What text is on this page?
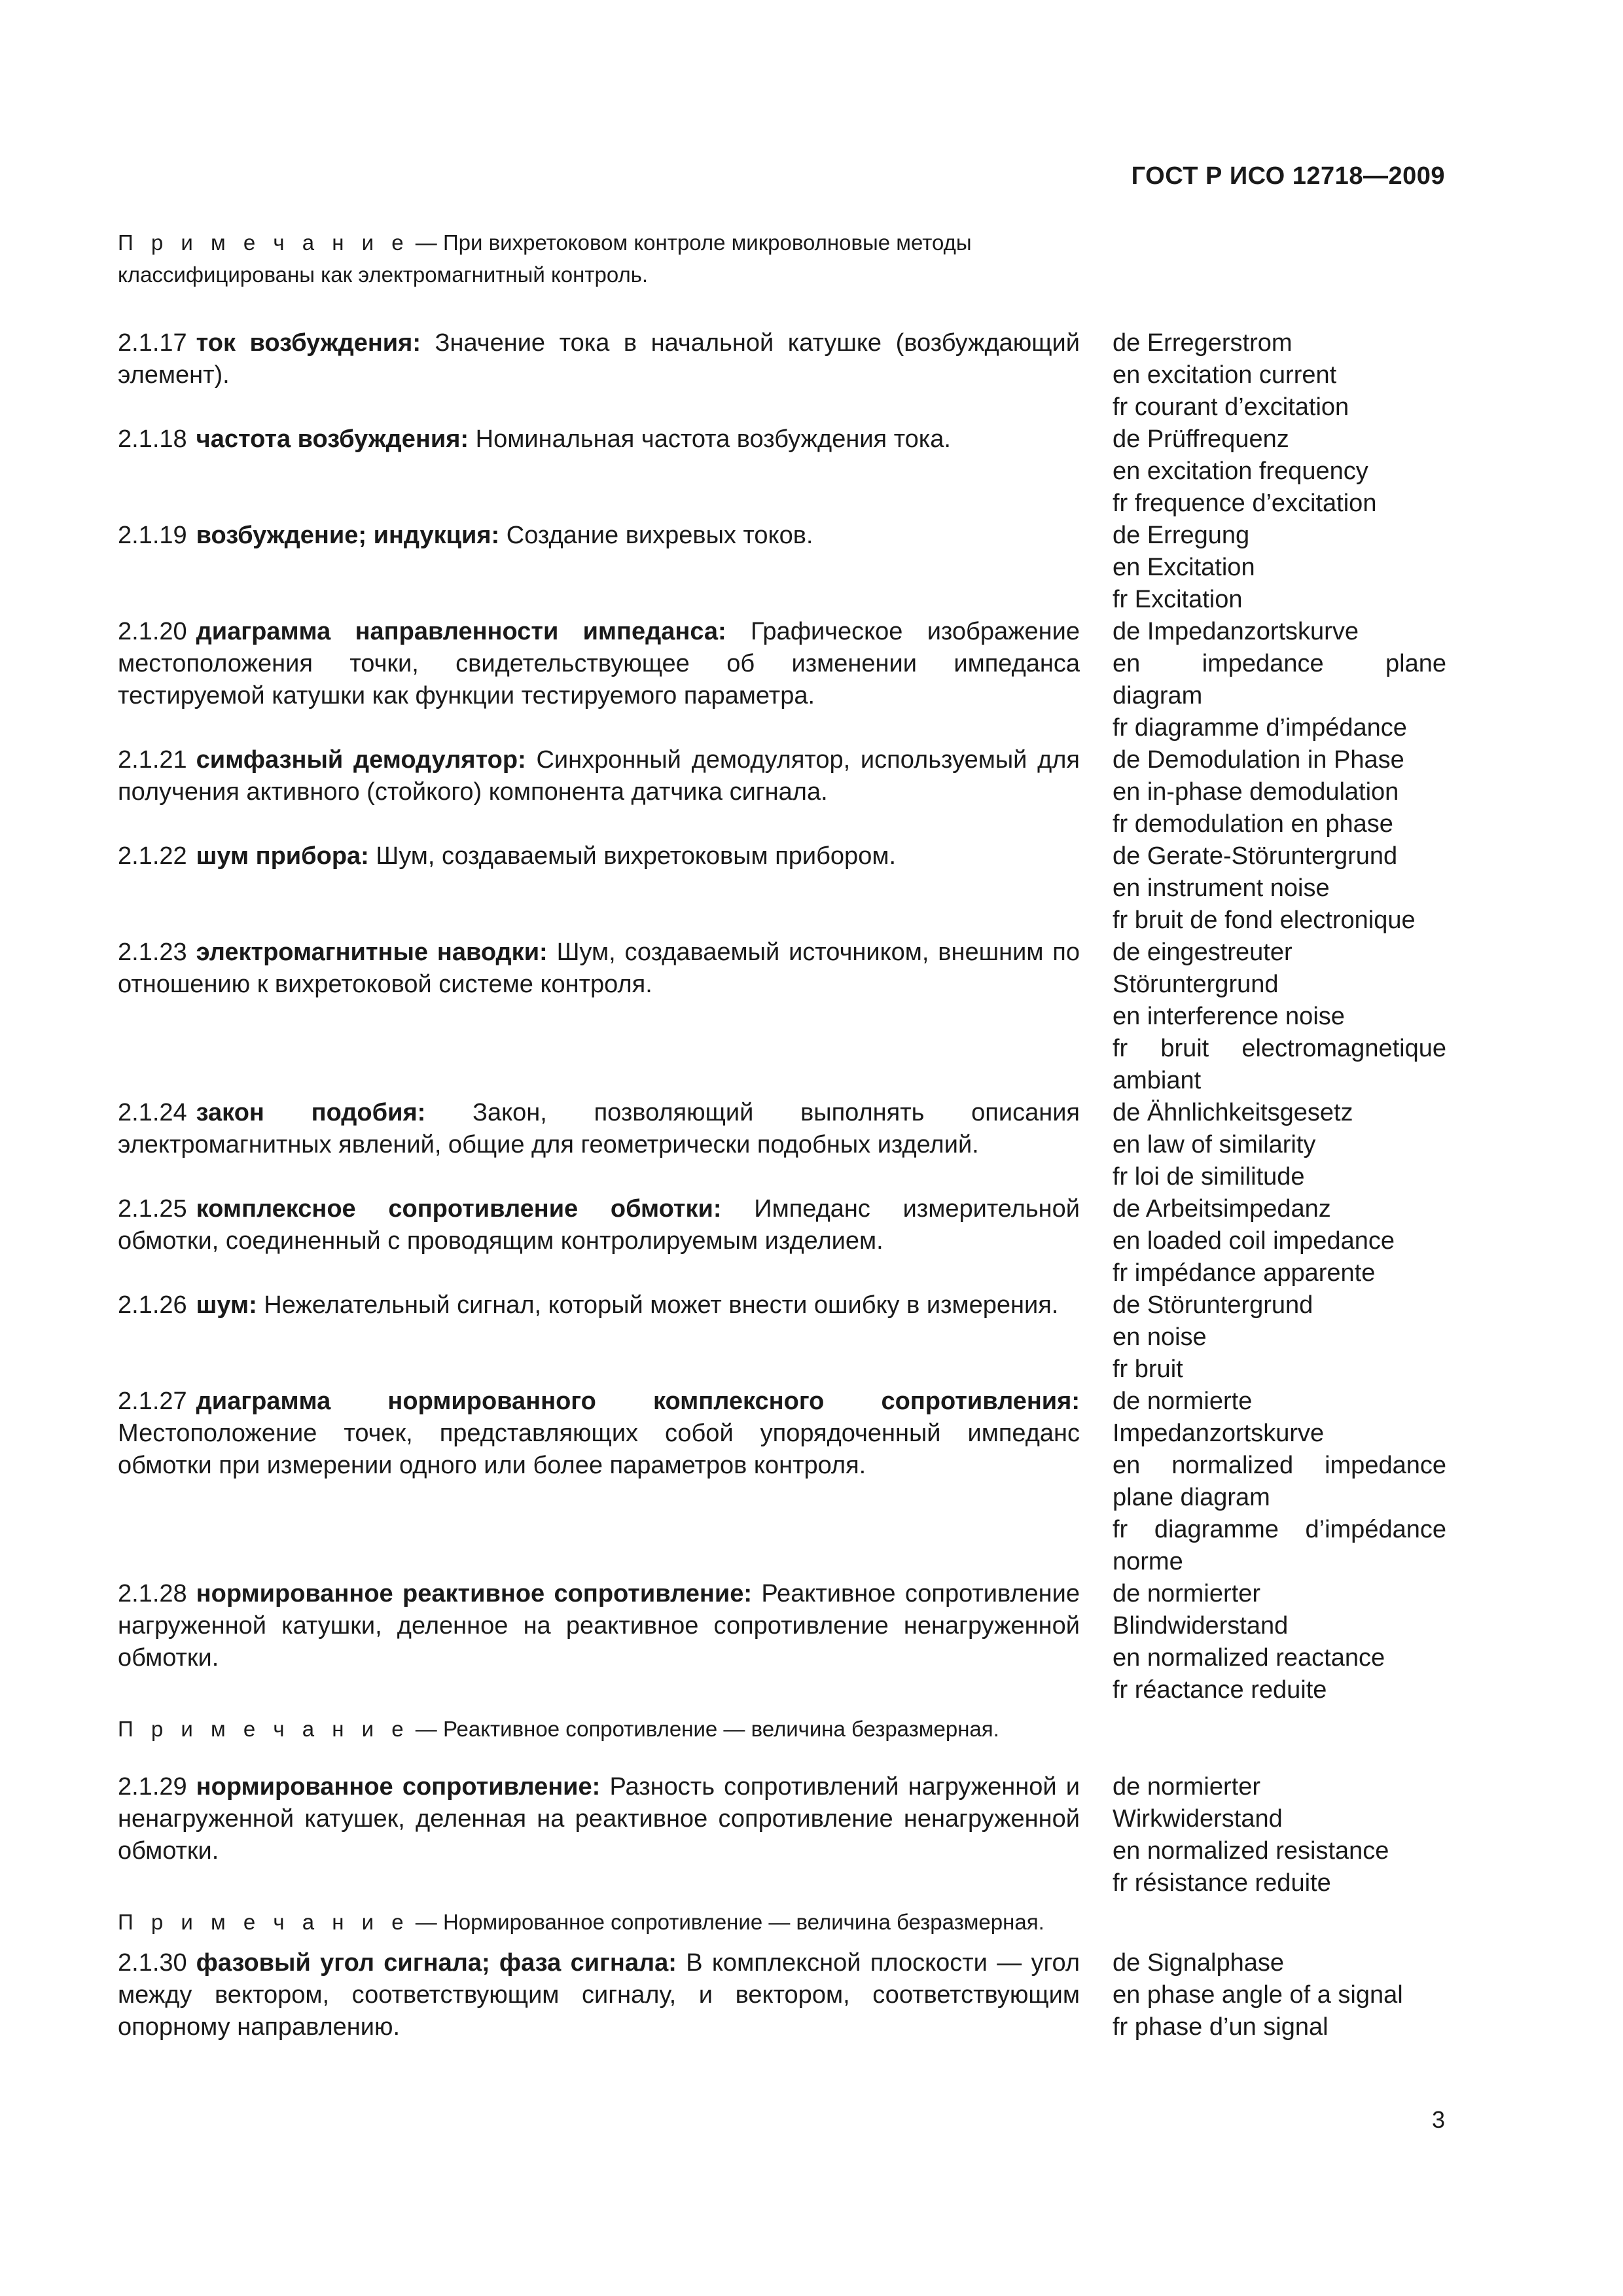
ГОСТ Р ИСО 12718—2009
П р и м е ч а н и е — При вихретоковом контроле микроволновые методы классифицированы как электромагнитный контроль.
2.1.17 ток возбуждения: Значение тока в начальной катушке (возбуждающий элемент).
de Erregerstrom
en excitation current
fr courant d’excitation
2.1.18 частота возбуждения: Номинальная частота возбуждения тока.	de Prüffrequenz
en excitation frequency
fr frequence d’excitation
2.1.19 возбуждение; индукция: Создание вихревых токов.	de Erregung
en Excitation
fr Excitation
2.1.20 диаграмма направленности импеданса: Графическое изображение местоположения точки, свидетельствующее об изменении импеданса тестируемой катушки как функции тестируемого параметра.
de Impedanzortskurve
en impedance plane
diagram
fr diagramme d’impédance
2.1.21 симфазный демодулятор: Синхронный демодулятор, используемый для получения активного (стойкого) компонента датчика сигнала.
de Demodulation in Phase
en in-phase demodulation
fr demodulation en phase
2.1.22 шум прибора: Шум, создаваемый вихретоковым прибором.	de Gerate-Störuntergrund
en instrument noise
fr bruit de fond electronique
2.1.23 электромагнитные наводки: Шум, создаваемый источником, внешним по отношению к вихретоковой системе контроля.
de eingestreuter
Störuntergrund
en interference noise
fr bruit electromagnetique
ambiant
2.1.24 закон подобия: Закон, позволяющий выполнять описания электромагнитных явлений, общие для геометрически подобных изделий.
de Ähnlichkeitsgesetz
en law of similarity
fr loi de similitude
2.1.25 комплексное сопротивление обмотки: Импеданс измерительной обмотки, соединенный с проводящим контролируемым изделием.
de Arbeitsimpedanz
en loaded coil impedance
fr impédance apparente
2.1.26 шум: Нежелательный сигнал, который может внести ошибку в измерения.	de Störuntergrund
en noise
fr bruit
2.1.27 диаграмма нормированного комплексного сопротивления: Местоположение точек, представляющих собой упорядоченный импеданс обмотки при измерении одного или более параметров контроля.
de normierte
Impedanzortskurve
en normalized impedance
plane diagram
fr diagramme d’impédance
norme
2.1.28 нормированное реактивное сопротивление: Реактивное сопротивление нагруженной катушки, деленное на реактивное сопротивление ненагруженной обмотки.
de normierter
Blindwiderstand
en normalized reactance
fr réactance reduite
П р и м е ч а н и е — Реактивное сопротивление — величина безразмерная.
2.1.29 нормированное сопротивление: Разность сопротивлений нагруженной и ненагруженной катушек, деленная на реактивное сопротивление ненагруженной обмотки.
de normierter
Wirkwiderstand
en normalized resistance
fr résistance reduite
П р и м е ч а н и е — Нормированное сопротивление — величина безразмерная.
2.1.30 фазовый угол сигнала; фаза сигнала: В комплексной плоскости — угол между вектором, соответствующим сигналу, и вектором, соответствующим опорному направлению.
de Signalphase
en phase angle of a signal
fr phase d’un signal
3
